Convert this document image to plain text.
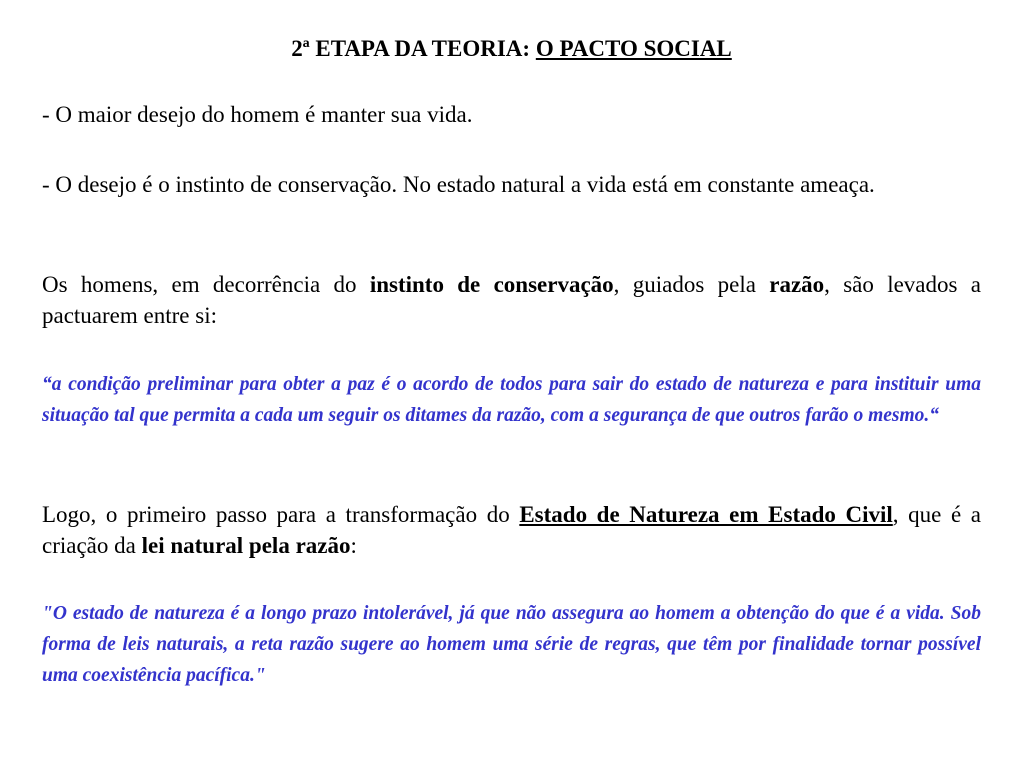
2ª ETAPA DA TEORIA: O PACTO SOCIAL

- O maior desejo do homem é manter sua vida.

- O desejo é o instinto de conservação. No estado natural a vida está em constante ameaça.

Os homens, em decorrência do instinto de conservação, guiados pela razão, são levados a pactuarem entre si:

“a condição preliminar para obter a paz é o acordo de todos para sair do estado de natureza e para instituir uma situação tal que permita a cada um seguir os ditames da razão, com a segurança de que outros farão o mesmo.“

Logo, o primeiro passo para a transformação do Estado de Natureza em Estado Civil, que é a criação da lei natural pela razão:

"O estado de natureza é a longo prazo intolerável, já que não assegura ao homem a obtenção do que é a vida. Sob forma de leis naturais, a reta razão sugere ao homem uma série de regras, que têm por finalidade tornar possível uma coexistência pacífica."
